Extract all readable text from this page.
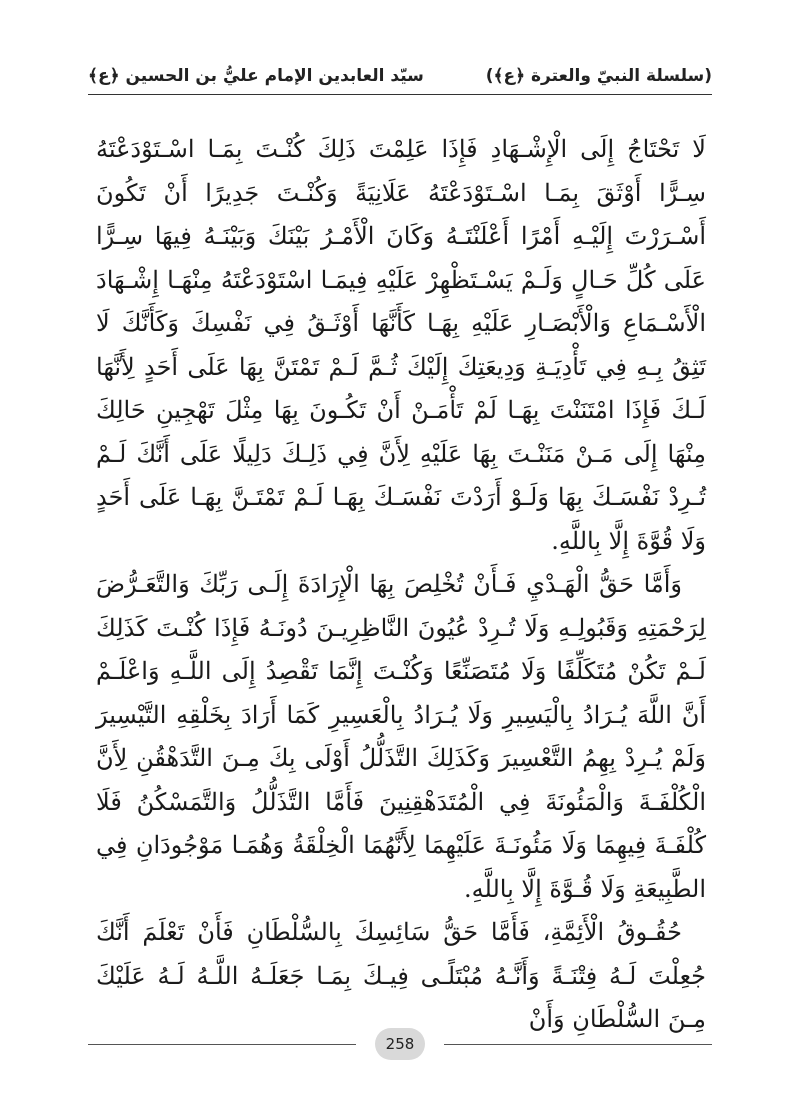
(سلسلة النبيّ والعترة ﴿ع﴾)
سيّد العابدين الإمام عليُّ بن الحسين ﴿ع﴾

لَا تَحْتَاجُ إِلَى الْإِشْـهَادِ فَإِذَا عَلِمْتَ ذَلِكَ كُنْـتَ بِمَـا اسْـتَوْدَعْتَهُ سِـرًّا أَوْثَقَ بِمَـا اسْـتَوْدَعْتَهُ عَلَانِيَةً وَكُنْـتَ جَدِيرًا أَنْ تَكُونَ أَسْـرَرْتَ إِلَيْـهِ أَمْرًا أَعْلَنْتَـهُ وَكَانَ الْأَمْـرُ بَيْنَكَ وَبَيْنَـهُ فِيهَا سِـرًّا عَلَى كُلِّ حَـالٍ وَلَـمْ يَسْـتَظْهِرْ عَلَيْهِ فِيمَـا اسْتَوْدَعْتَهُ مِنْهَـا إِشْـهَادَ الْأَسْـمَاعِ وَالْأَبْصَـارِ عَلَيْهِ بِهَـا كَأَنَّهَا أَوْثَـقُ فِي نَفْسِكَ وَكَأَنَّكَ لَا تَثِقُ بِـهِ فِي تَأْدِيَـةِ وَدِيعَتِكَ إِلَيْكَ ثُـمَّ لَـمْ تَمْتَنَّ بِهَا عَلَى أَحَدٍ لِأَنَّهَا لَـكَ فَإِذَا امْتَنَنْتَ بِهَـا لَمْ تَأْمَـنْ أَنْ تَكُـونَ بِهَا مِثْلَ تَهْجِينِ حَالِكَ مِنْهَا إِلَى مَـنْ مَنَنْـتَ بِهَا عَلَيْهِ لِأَنَّ فِي ذَلِـكَ دَلِيلًا عَلَى أَنَّكَ لَـمْ تُـرِدْ نَفْسَـكَ بِهَا وَلَـوْ أَرَدْتَ نَفْسَـكَ بِهَـا لَـمْ تَمْتَـنَّ بِهَـا عَلَى أَحَدٍ وَلَا قُوَّةَ إِلَّا بِاللَّهِ.

وَأَمَّا حَقُّ الْهَـدْيِ فَـأَنْ تُخْلِصَ بِهَا الْإِرَادَةَ إِلَـى رَبِّكَ وَالتَّعَـرُّضَ لِرَحْمَتِهِ وَقَبُولِـهِ وَلَا تُـرِدْ عُيُونَ النَّاظِرِيـنَ دُونَـهُ فَإِذَا كُنْـتَ كَذَلِكَ لَـمْ تَكُنْ مُتَكَلِّفًا وَلَا مُتَصَنِّعًا وَكُنْـتَ إِنَّمَا تَقْصِدُ إِلَى اللَّـهِ وَاعْلَـمْ أَنَّ اللَّهَ يُـرَادُ بِالْيَسِيرِ وَلَا يُـرَادُ بِالْعَسِيرِ كَمَا أَرَادَ بِخَلْقِهِ التَّيْسِيرَ وَلَمْ يُـرِدْ بِهِمُ التَّعْسِيرَ وَكَذَلِكَ التَّذَلُّلُ أَوْلَى بِكَ مِـنَ التَّدَهْقُنِ لِأَنَّ الْكُلْفَـةَ وَالْمَئُونَةَ فِي الْمُتَدَهْقِنِينَ فَأَمَّا التَّذَلُّلُ وَالتَّمَسْكُنُ فَلَا كُلْفَـةَ فِيهِمَا وَلَا مَئُونَـةَ عَلَيْهِمَا لِأَنَّهُمَا الْخِلْقَةُ وَهُمَـا مَوْجُودَانِ فِي الطَّبِيعَةِ وَلَا قُـوَّةَ إِلَّا بِاللَّهِ.

حُقُـوقُ الْأَئِمَّةِ، فَأَمَّا حَقُّ سَائِسِكَ بِالسُّلْطَانِ فَأَنْ تَعْلَمَ أَنَّكَ جُعِلْتَ لَـهُ فِتْنَـةً وَأَنَّـهُ مُبْتَلًـى فِيـكَ بِمَـا جَعَلَـهُ اللَّـهُ لَـهُ عَلَيْكَ مِـنَ السُّلْطَانِ وَأَنْ

258
